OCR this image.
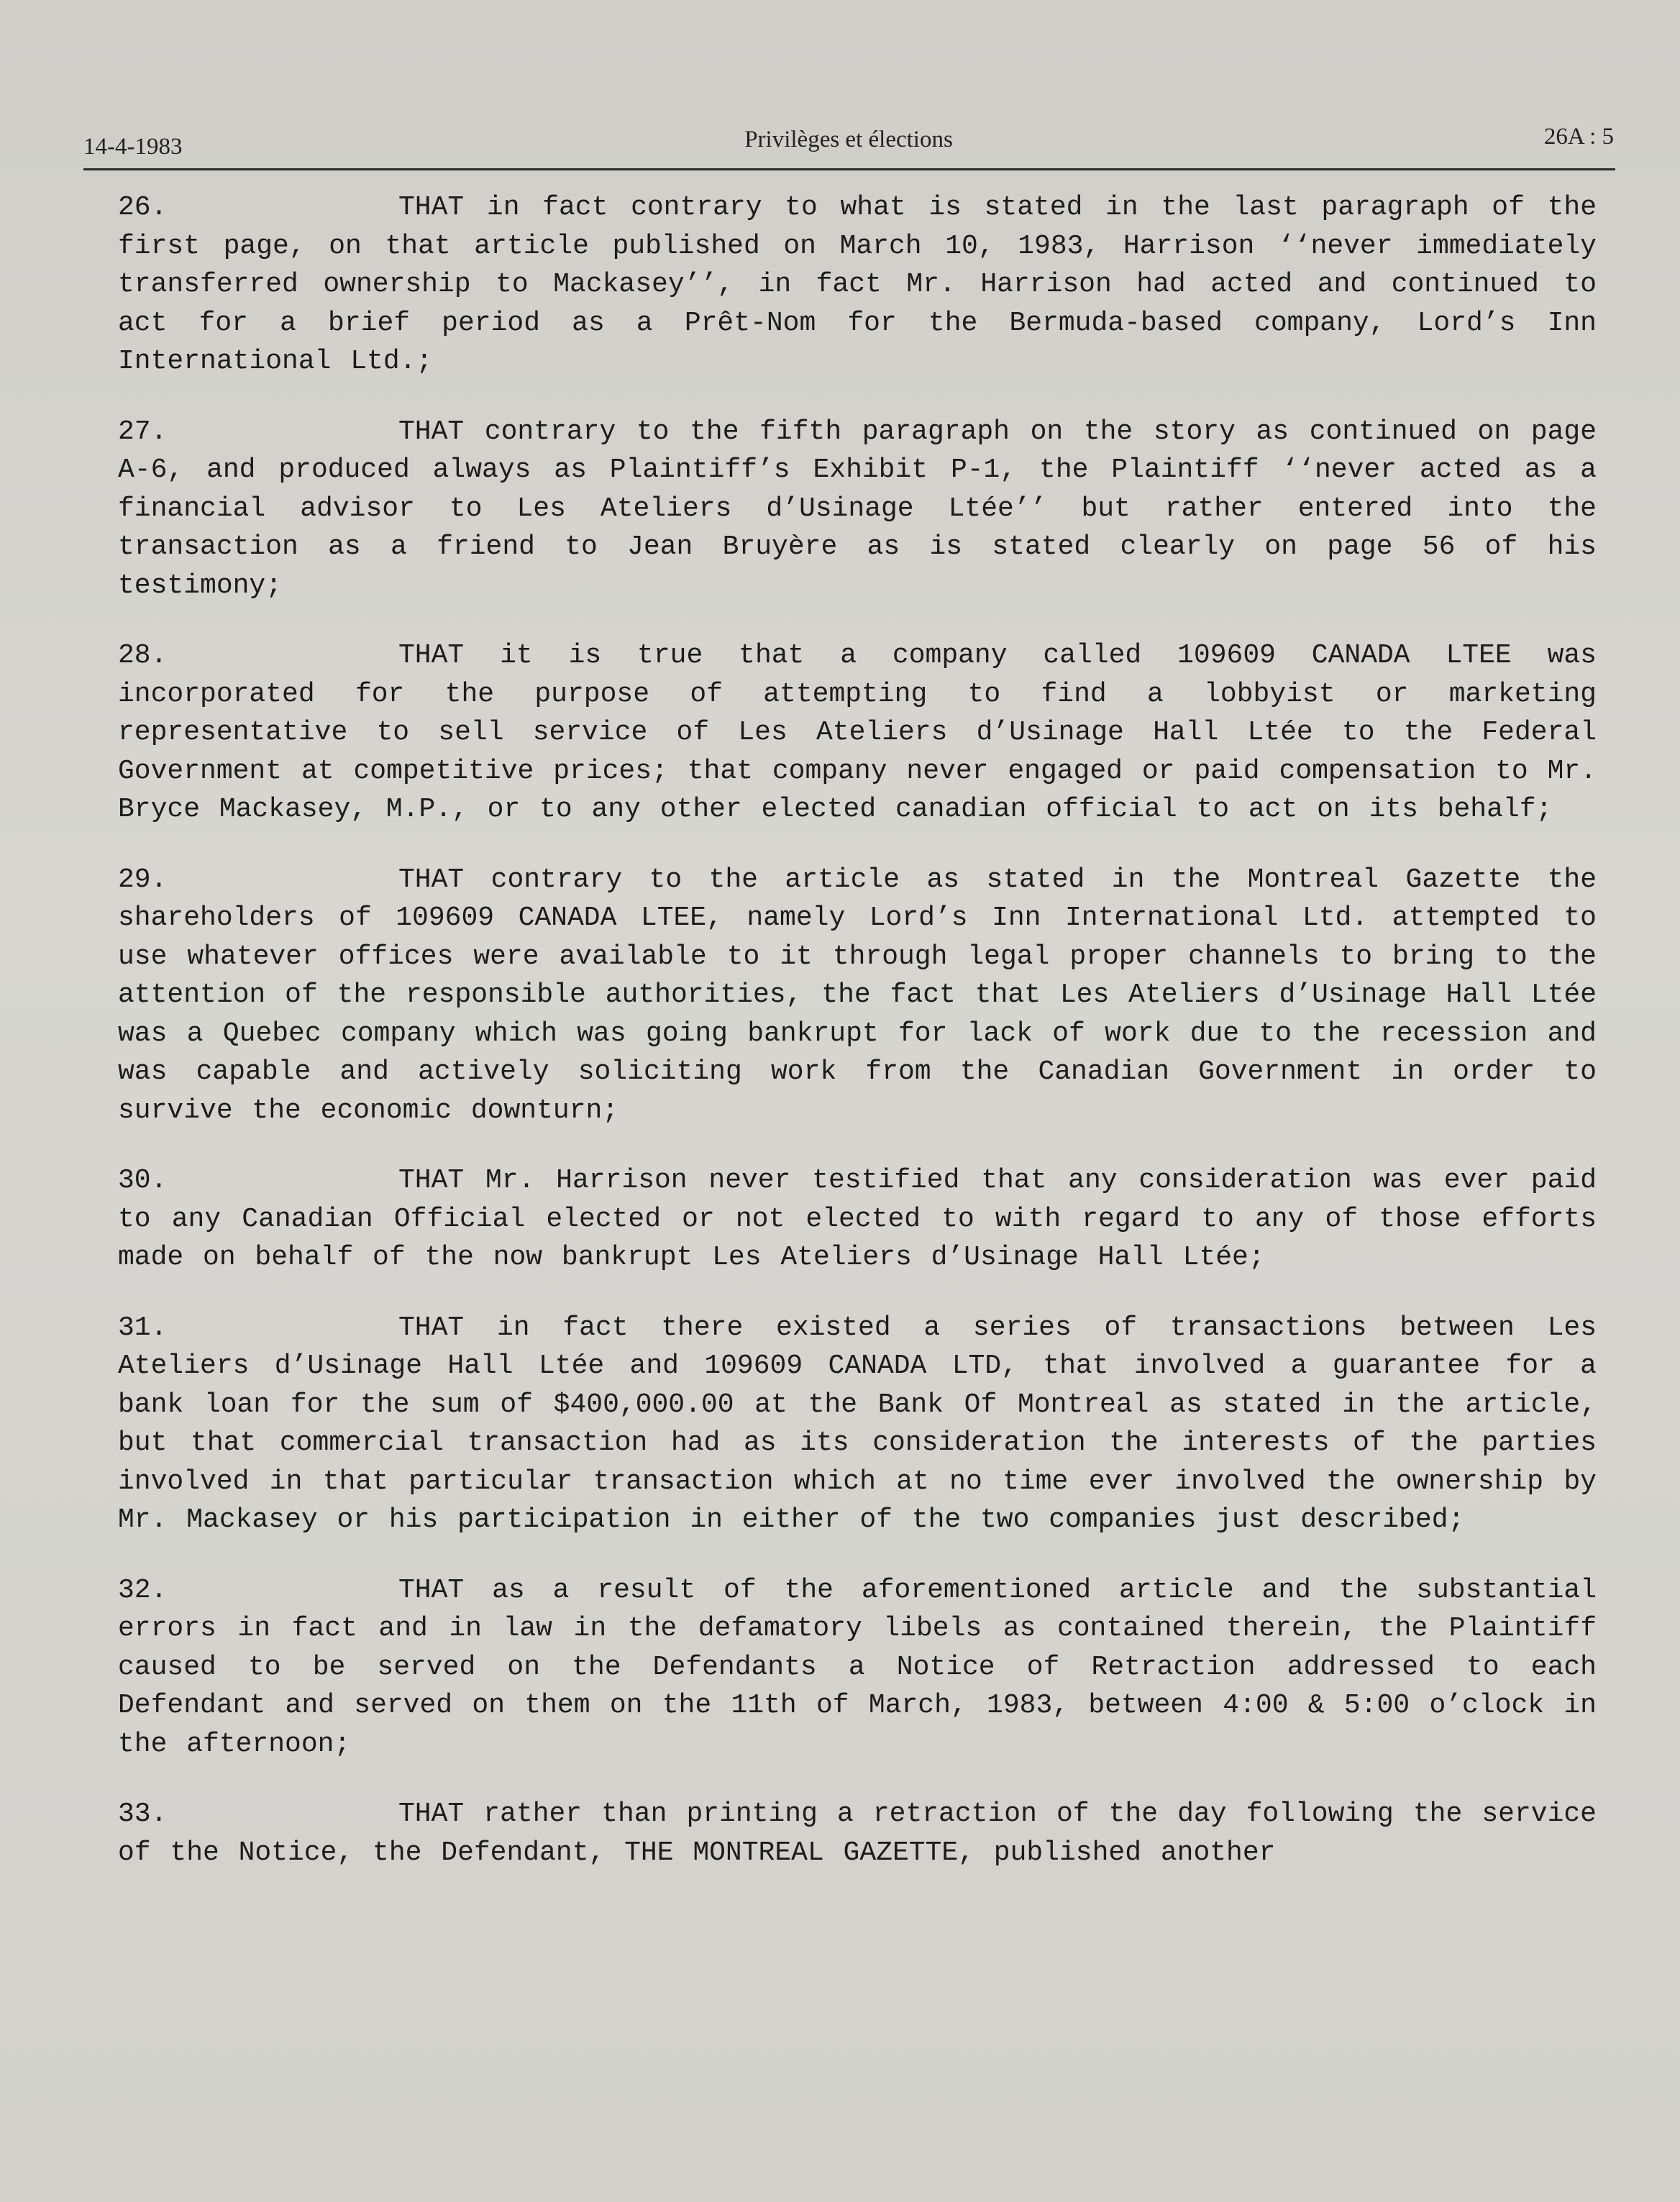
14-4-1983	Privilèges et élections	26A : 5

26.	THAT in fact contrary to what is stated in the last paragraph of the first page, on that article published on March 10, 1983, Harrison ‘‘never immediately transferred ownership to Mackasey’’, in fact Mr. Harrison had acted and continued to act for a brief period as a Prêt-Nom for the Bermuda-based company, Lord’s Inn International Ltd.;

27.	THAT contrary to the fifth paragraph on the story as continued on page A-6, and produced always as Plaintiff’s Exhibit P-1, the Plaintiff ‘‘never acted as a financial advisor to Les Ateliers d’Usinage Ltée’’ but rather entered into the transaction as a friend to Jean Bruyère as is stated clearly on page 56 of his testimony;

28.	THAT it is true that a company called 109609 CANADA LTEE was incorporated for the purpose of attempting to find a lobbyist or marketing representative to sell service of Les Ateliers d’Usinage Hall Ltée to the Federal Government at competitive prices; that company never engaged or paid compensation to Mr. Bryce Mackasey, M.P., or to any other elected canadian official to act on its behalf;

29.	THAT contrary to the article as stated in the Montreal Gazette the shareholders of 109609 CANADA LTEE, namely Lord’s Inn International Ltd. attempted to use whatever offices were available to it through legal proper channels to bring to the attention of the responsible authorities, the fact that Les Ateliers d’Usinage Hall Ltée was a Quebec company which was going bankrupt for lack of work due to the recession and was capable and actively soliciting work from the Canadian Government in order to survive the economic downturn;

30.	THAT Mr. Harrison never testified that any consideration was ever paid to any Canadian Official elected or not elected to with regard to any of those efforts made on behalf of the now bankrupt Les Ateliers d’Usinage Hall Ltée;

31.	THAT in fact there existed a series of transactions between Les Ateliers d’Usinage Hall Ltée and 109609 CANADA LTD, that involved a guarantee for a bank loan for the sum of $400,000.00 at the Bank Of Montreal as stated in the article, but that commercial transaction had as its consideration the interests of the parties involved in that particular transaction which at no time ever involved the ownership by Mr. Mackasey or his participation in either of the two companies just described;

32.	THAT as a result of the aforementioned article and the substantial errors in fact and in law in the defamatory libels as contained therein, the Plaintiff caused to be served on the Defendants a Notice of Retraction addressed to each Defendant and served on them on the 11th of March, 1983, between 4:00 & 5:00 o’clock in the afternoon;

33.	THAT rather than printing a retraction of the day following the service of the Notice, the Defendant, THE MONTREAL GAZETTE, published another
